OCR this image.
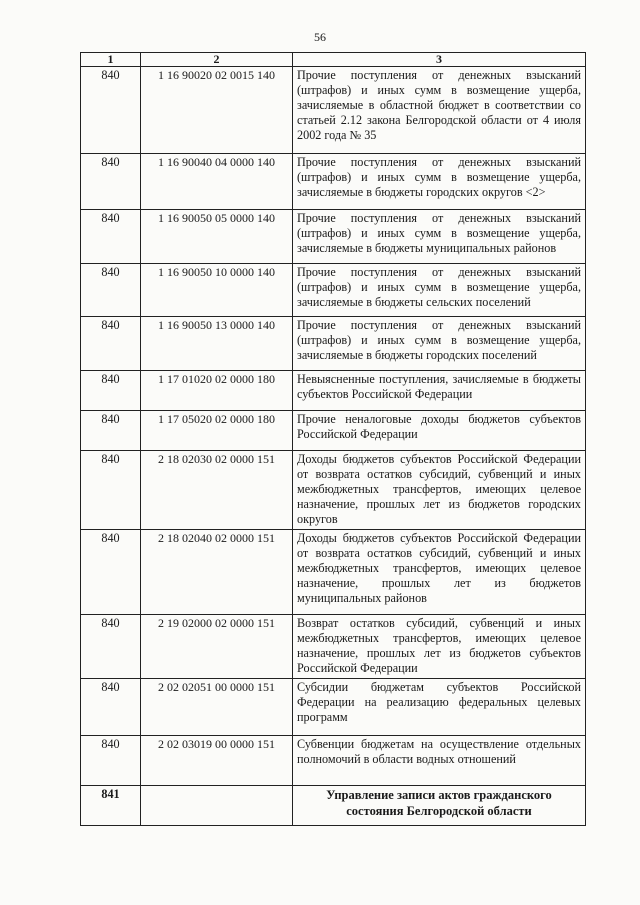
56
1	2	3
840	1 16 90020 02 0015 140	Прочие поступления от денежных взысканий (штрафов) и иных сумм в возмещение ущерба, зачисляемые в областной бюджет в соответствии со статьей 2.12 закона Белгородской области от 4 июля 2002 года № 35
840	1 16 90040 04 0000 140	Прочие поступления от денежных взысканий (штрафов) и иных сумм в возмещение ущерба, зачисляемые в бюджеты городских округов <2>
840	1 16 90050 05 0000 140	Прочие поступления от денежных взысканий (штрафов) и иных сумм в возмещение ущерба, зачисляемые в бюджеты муниципальных районов
840	1 16 90050 10 0000 140	Прочие поступления от денежных взысканий (штрафов) и иных сумм в возмещение ущерба, зачисляемые в бюджеты сельских поселений
840	1 16 90050 13 0000 140	Прочие поступления от денежных взысканий (штрафов) и иных сумм в возмещение ущерба, зачисляемые в бюджеты городских поселений
840	1 17 01020 02 0000 180	Невыясненные поступления, зачисляемые в бюджеты субъектов Российской Федерации
840	1 17 05020 02 0000 180	Прочие неналоговые доходы бюджетов субъектов Российской Федерации
840	2 18 02030 02 0000 151	Доходы бюджетов субъектов Российской Федерации от возврата остатков субсидий, субвенций и иных межбюджетных трансфертов, имеющих целевое назначение, прошлых лет из бюджетов городских округов
840	2 18 02040 02 0000 151	Доходы бюджетов субъектов Российской Федерации от возврата остатков субсидий, субвенций и иных межбюджетных трансфертов, имеющих целевое назначение, прошлых лет из бюджетов муниципальных районов
840	2 19 02000 02 0000 151	Возврат остатков субсидий, субвенций и иных межбюджетных трансфертов, имеющих целевое назначение, прошлых лет из бюджетов субъектов Российской Федерации
840	2 02 02051 00 0000 151	Субсидии бюджетам субъектов Российской Федерации на реализацию федеральных целевых программ
840	2 02 03019 00 0000 151	Субвенции бюджетам на осуществление отдельных полномочий в области водных отношений
841		Управление записи актов гражданского
состояния Белгородской области
